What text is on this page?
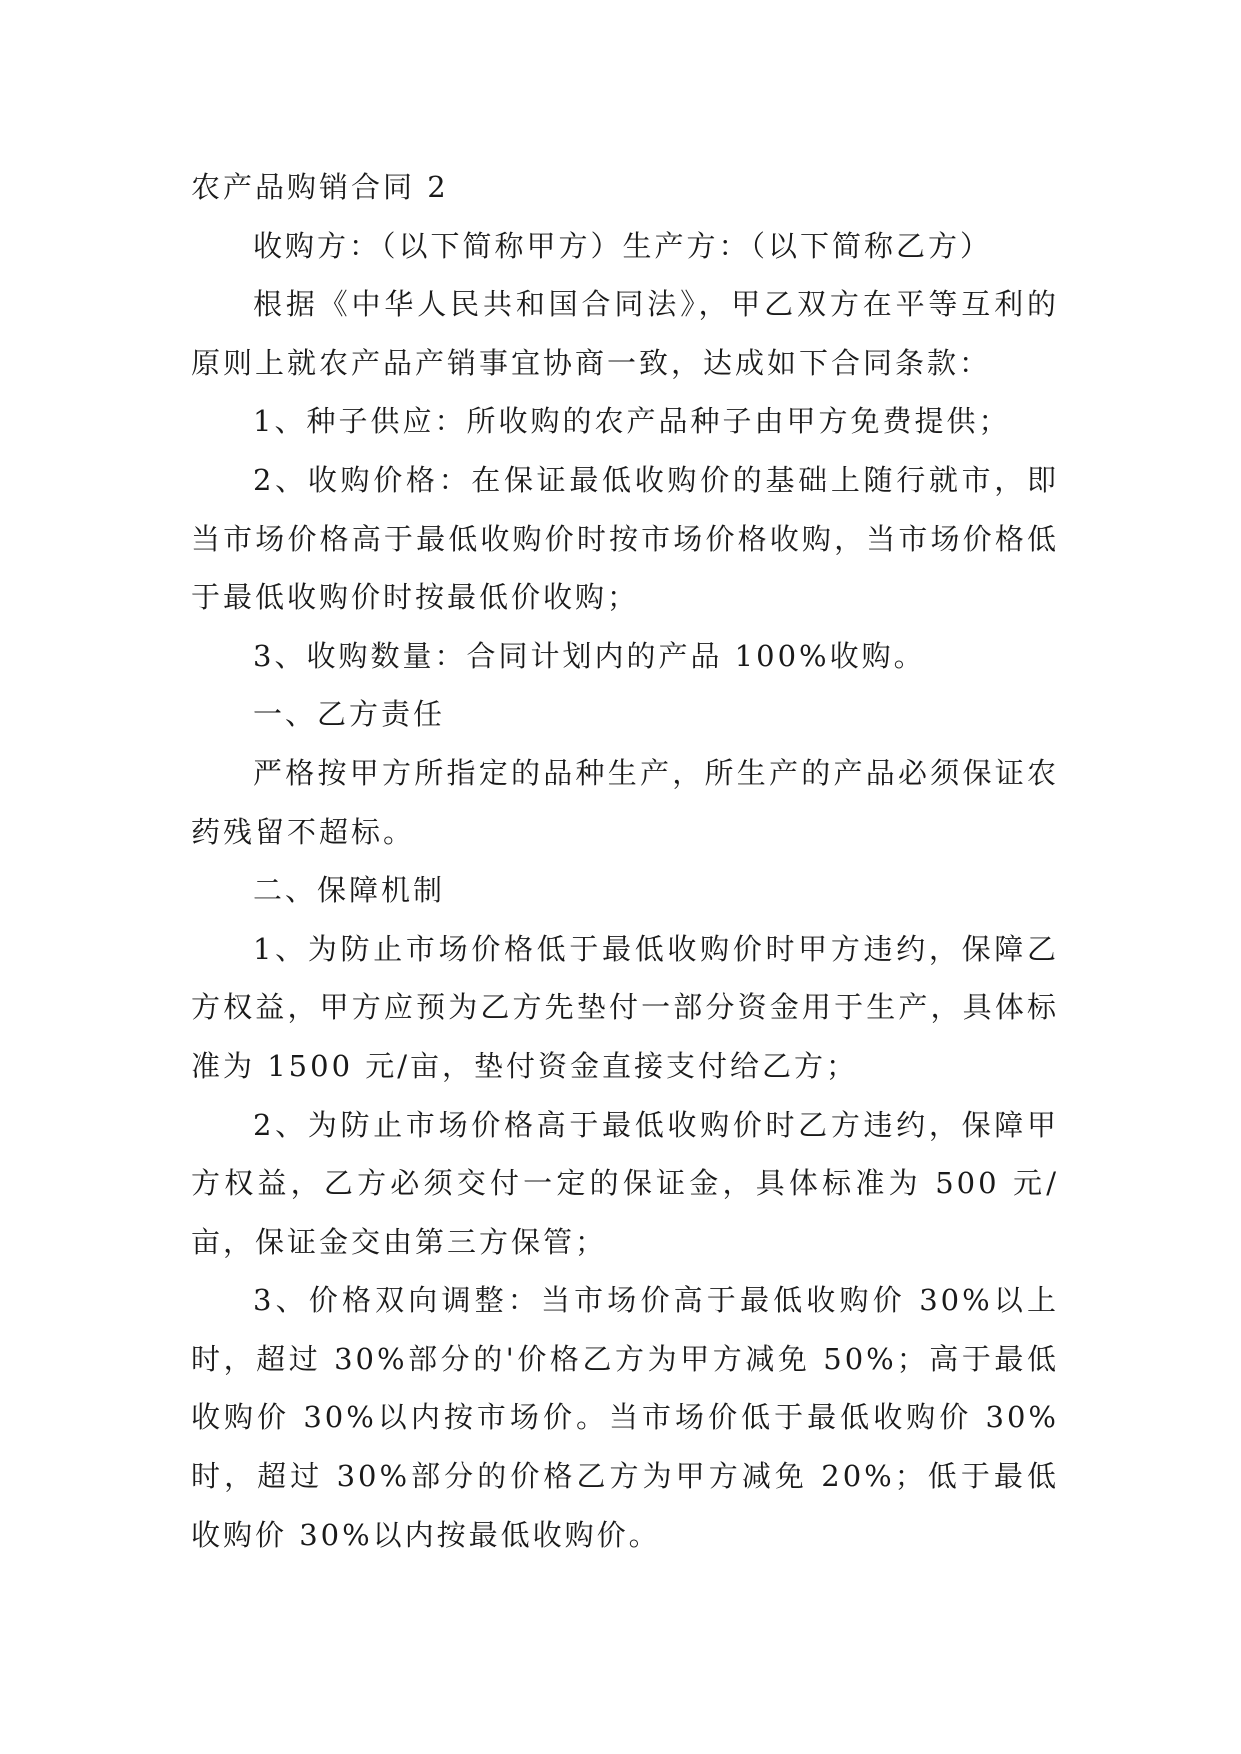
农产品购销合同 2

收购方：（以下简称甲方）生产方：（以下简称乙方）

根据《中华人民共和国合同法》，甲乙双方在平等互利的原则上就农产品产销事宜协商一致，达成如下合同条款：

1、种子供应：所收购的农产品种子由甲方免费提供；

2、收购价格：在保证最低收购价的基础上随行就市，即当市场价格高于最低收购价时按市场价格收购，当市场价格低于最低收购价时按最低价收购；

3、收购数量：合同计划内的产品 100%收购。

一、乙方责任

严格按甲方所指定的品种生产，所生产的产品必须保证农药残留不超标。

二、保障机制

1、为防止市场价格低于最低收购价时甲方违约，保障乙方权益，甲方应预为乙方先垫付一部分资金用于生产，具体标准为 1500 元/亩，垫付资金直接支付给乙方；

2、为防止市场价格高于最低收购价时乙方违约，保障甲方权益，乙方必须交付一定的保证金，具体标准为 500 元/亩，保证金交由第三方保管；

3、价格双向调整：当市场价高于最低收购价 30%以上时，超过 30%部分的'价格乙方为甲方减免 50%；高于最低收购价 30%以内按市场价。当市场价低于最低收购价 30%时，超过 30%部分的价格乙方为甲方减免 20%；低于最低收购价 30%以内按最低收购价。
